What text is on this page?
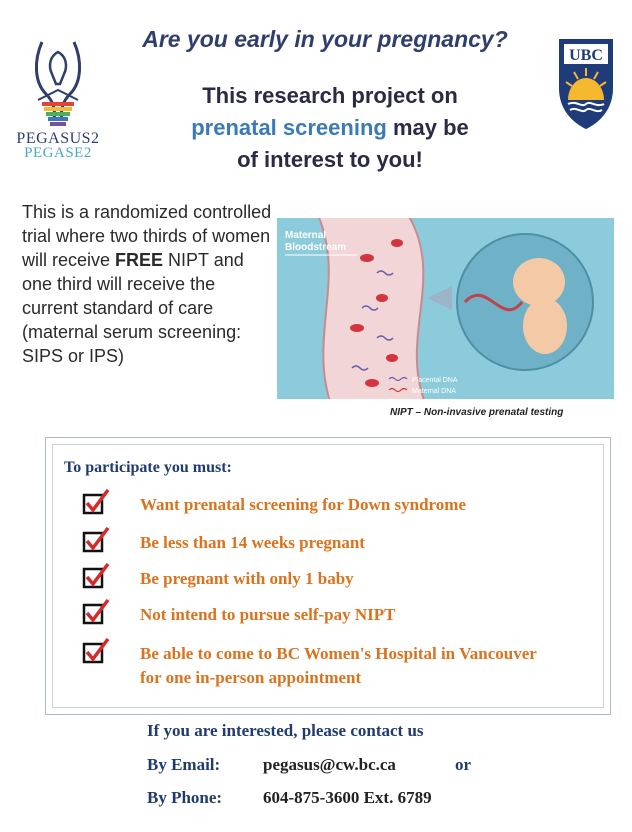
PEGASUS2
PEGASE2
UBC
Are you early in your pregnancy?
This research project on
prenatal screening may be
of interest to you!
This is a randomized controlled trial where two thirds of women will receive FREE NIPT and one third will receive the current standard of care (maternal serum screening: SIPS or IPS)
Maternal
Bloodstream
Placental DNA
Maternal DNA
NIPT – Non-invasive prenatal testing
To participate you must:
Want prenatal screening for Down syndrome
Be less than 14 weeks pregnant
Be pregnant with only 1 baby
Not intend to pursue self-pay NIPT
Be able to come to BC Women's Hospital in Vancouver for one in-person appointment
If you are interested, please contact us
By Email:	pegasus@cw.bc.ca	or
By Phone: 604-875-3600 Ext. 6789
